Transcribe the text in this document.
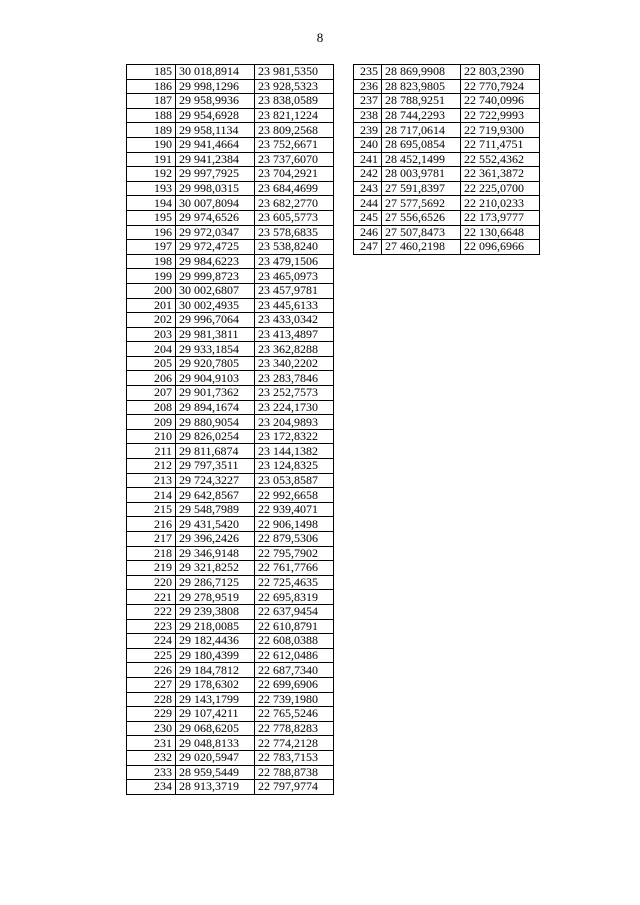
8
185	30 018,8914	23 981,5350
186	29 998,1296	23 928,5323
187	29 958,9936	23 838,0589
188	29 954,6928	23 821,1224
189	29 958,1134	23 809,2568
190	29 941,4664	23 752,6671
191	29 941,2384	23 737,6070
192	29 997,7925	23 704,2921
193	29 998,0315	23 684,4699
194	30 007,8094	23 682,2770
195	29 974,6526	23 605,5773
196	29 972,0347	23 578,6835
197	29 972,4725	23 538,8240
198	29 984,6223	23 479,1506
199	29 999,8723	23 465,0973
200	30 002,6807	23 457,9781
201	30 002,4935	23 445,6133
202	29 996,7064	23 433,0342
203	29 981,3811	23 413,4897
204	29 933,1854	23 362,8288
205	29 920,7805	23 340,2202
206	29 904,9103	23 283,7846
207	29 901,7362	23 252,7573
208	29 894,1674	23 224,1730
209	29 880,9054	23 204,9893
210	29 826,0254	23 172,8322
211	29 811,6874	23 144,1382
212	29 797,3511	23 124,8325
213	29 724,3227	23 053,8587
214	29 642,8567	22 992,6658
215	29 548,7989	22 939,4071
216	29 431,5420	22 906,1498
217	29 396,2426	22 879,5306
218	29 346,9148	22 795,7902
219	29 321,8252	22 761,7766
220	29 286,7125	22 725,4635
221	29 278,9519	22 695,8319
222	29 239,3808	22 637,9454
223	29 218,0085	22 610,8791
224	29 182,4436	22 608,0388
225	29 180,4399	22 612,0486
226	29 184,7812	22 687,7340
227	29 178,6302	22 699,6906
228	29 143,1799	22 739,1980
229	29 107,4211	22 765,5246
230	29 068,6205	22 778,8283
231	29 048,8133	22 774,2128
232	29 020,5947	22 783,7153
233	28 959,5449	22 788,8738
234	28 913,3719	22 797,9774
235	28 869,9908	22 803,2390
236	28 823,9805	22 770,7924
237	28 788,9251	22 740,0996
238	28 744,2293	22 722,9993
239	28 717,0614	22 719,9300
240	28 695,0854	22 711,4751
241	28 452,1499	22 552,4362
242	28 003,9781	22 361,3872
243	27 591,8397	22 225,0700
244	27 577,5692	22 210,0233
245	27 556,6526	22 173,9777
246	27 507,8473	22 130,6648
247	27 460,2198	22 096,6966
